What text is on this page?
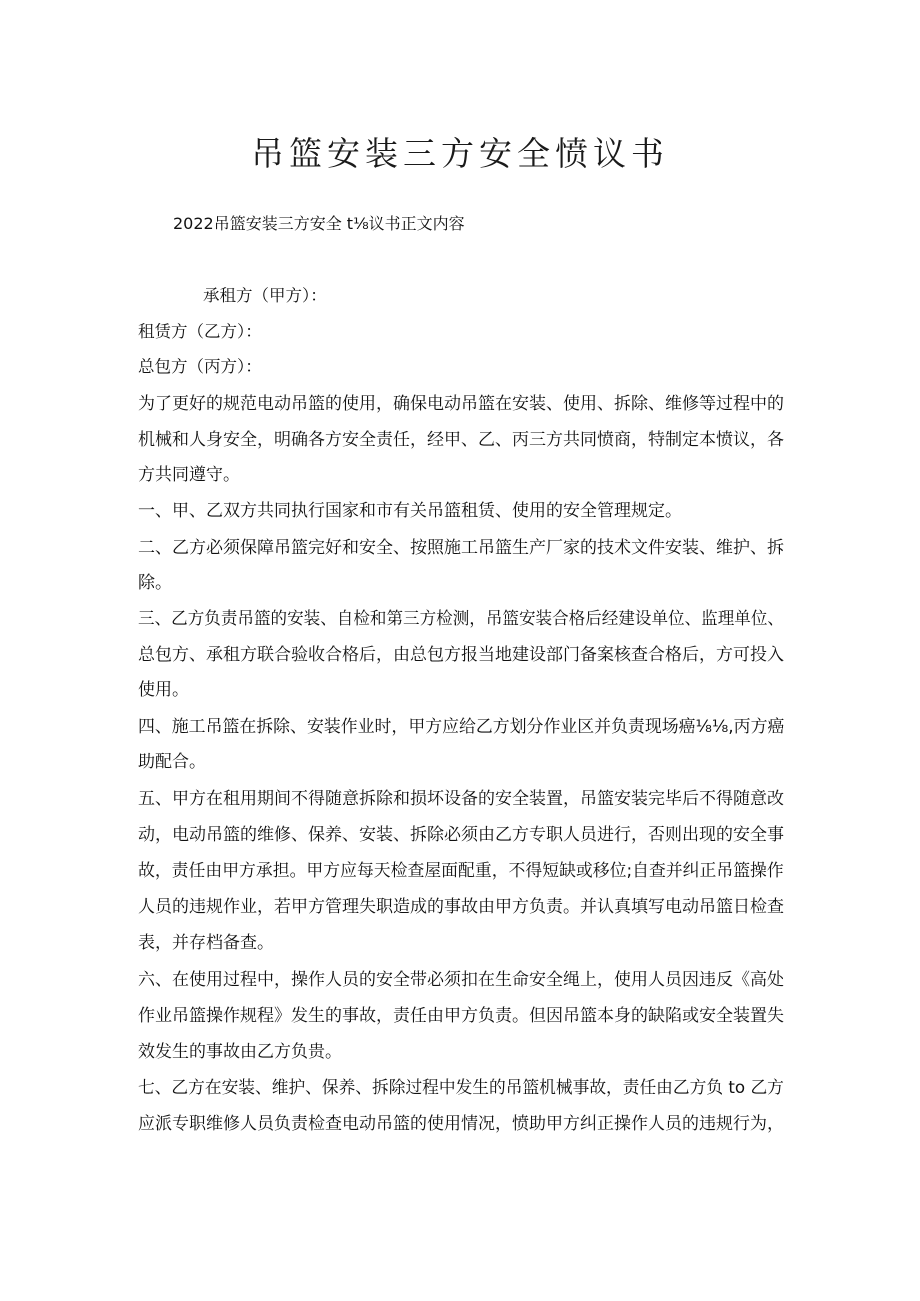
吊篮安装三方安全愤议书
2022吊篮安装三方安全 t⅛议书正文内容
承租方（甲方）：
租赁方（乙方）：
总包方（丙方）：
为了更好的规范电动吊篮的使用，确保电动吊篮在安装、使用、拆除、维修等过程中的
机械和人身安全，明确各方安全责任，经甲、乙、丙三方共同愤商，特制定本愤议，各
方共同遵守。
一、甲、乙双方共同执行国家和市有关吊篮租赁、使用的安全管理规定。
二、乙方必须保障吊篮完好和安全、按照施工吊篮生产厂家的技术文件安装、维护、拆
除。
三、乙方负责吊篮的安装、自检和第三方检测，吊篮安装合格后经建设单位、监理单位、
总包方、承租方联合验收合格后，由总包方报当地建设部门备案核查合格后，方可投入
使用。
四、施工吊篮在拆除、安装作业时，甲方应给乙方划分作业区并负责现场癌⅛⅛,丙方癌
助配合。
五、甲方在租用期间不得随意拆除和损坏设备的安全装置，吊篮安装完毕后不得随意改
动，电动吊篮的维修、保养、安装、拆除必须由乙方专职人员进行，否则出现的安全事
故，责任由甲方承担。甲方应每天检查屋面配重，不得短缺或移位;自查并纠正吊篮操作
人员的违规作业，若甲方管理失职造成的事故由甲方负责。并认真填写电动吊篮日检查
表，并存档备查。
六、在使用过程中，操作人员的安全带必须扣在生命安全绳上，使用人员因违反《高处
作业吊篮操作规程》发生的事故，责任由甲方负责。但因吊篮本身的缺陷或安全装置失
效发生的事故由乙方负贵。
七、乙方在安装、维护、保养、拆除过程中发生的吊篮机械事故，责任由乙方负 to 乙方
应派专职维修人员负责检查电动吊篮的使用情况，愤助甲方纠正操作人员的违规行为，
